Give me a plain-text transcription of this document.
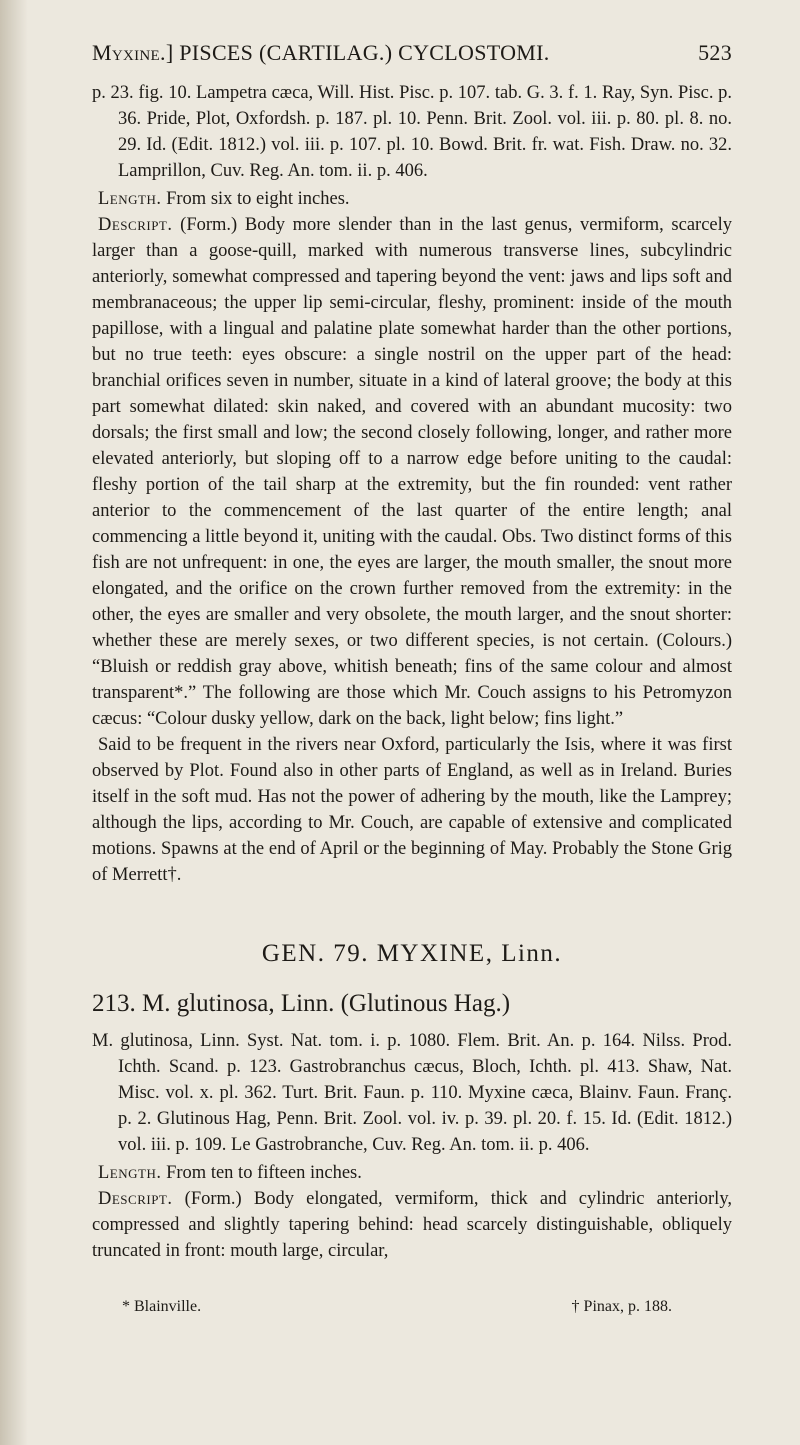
Myxine.] PISCES (CARTILAG.) CYCLOSTOMI.	523

p. 23. fig. 10. Lampetra cæca, Will. Hist. Pisc. p. 107. tab. G. 3. f. 1. Ray, Syn. Pisc. p. 36. Pride, Plot, Oxfordsh. p. 187. pl. 10. Penn. Brit. Zool. vol. iii. p. 80. pl. 8. no. 29. Id. (Edit. 1812.) vol. iii. p. 107. pl. 10. Bowd. Brit. fr. wat. Fish. Draw. no. 32. Lamprillon, Cuv. Reg. An. tom. ii. p. 406.

Length. From six to eight inches.

Descript. (Form.) Body more slender than in the last genus, vermiform, scarcely larger than a goose-quill, marked with numerous transverse lines, subcylindric anteriorly, somewhat compressed and tapering beyond the vent: jaws and lips soft and membranaceous; the upper lip semi-circular, fleshy, prominent: inside of the mouth papillose, with a lingual and palatine plate somewhat harder than the other portions, but no true teeth: eyes obscure: a single nostril on the upper part of the head: branchial orifices seven in number, situate in a kind of lateral groove; the body at this part somewhat dilated: skin naked, and covered with an abundant mucosity: two dorsals; the first small and low; the second closely following, longer, and rather more elevated anteriorly, but sloping off to a narrow edge before uniting to the caudal: fleshy portion of the tail sharp at the extremity, but the fin rounded: vent rather anterior to the commencement of the last quarter of the entire length; anal commencing a little beyond it, uniting with the caudal. Obs. Two distinct forms of this fish are not unfrequent: in one, the eyes are larger, the mouth smaller, the snout more elongated, and the orifice on the crown further removed from the extremity: in the other, the eyes are smaller and very obsolete, the mouth larger, and the snout shorter: whether these are merely sexes, or two different species, is not certain. (Colours.) “Bluish or reddish gray above, whitish beneath; fins of the same colour and almost transparent*.” The following are those which Mr. Couch assigns to his Petromyzon cæcus: “Colour dusky yellow, dark on the back, light below; fins light.”

Said to be frequent in the rivers near Oxford, particularly the Isis, where it was first observed by Plot. Found also in other parts of England, as well as in Ireland. Buries itself in the soft mud. Has not the power of adhering by the mouth, like the Lamprey; although the lips, according to Mr. Couch, are capable of extensive and complicated motions. Spawns at the end of April or the beginning of May. Probably the Stone Grig of Merrett†.

GEN. 79. MYXINE, Linn.
213. M. glutinosa, Linn. (Glutinous Hag.)

M. glutinosa, Linn. Syst. Nat. tom. i. p. 1080. Flem. Brit. An. p. 164. Nilss. Prod. Ichth. Scand. p. 123. Gastrobranchus cæcus, Bloch, Ichth. pl. 413. Shaw, Nat. Misc. vol. x. pl. 362. Turt. Brit. Faun. p. 110. Myxine cæca, Blainv. Faun. Franç. p. 2. Glutinous Hag, Penn. Brit. Zool. vol. iv. p. 39. pl. 20. f. 15. Id. (Edit. 1812.) vol. iii. p. 109. Le Gastrobranche, Cuv. Reg. An. tom. ii. p. 406.

Length. From ten to fifteen inches.

Descript. (Form.) Body elongated, vermiform, thick and cylindric anteriorly, compressed and slightly tapering behind: head scarcely distinguishable, obliquely truncated in front: mouth large, circular,

* Blainville.	† Pinax, p. 188.
